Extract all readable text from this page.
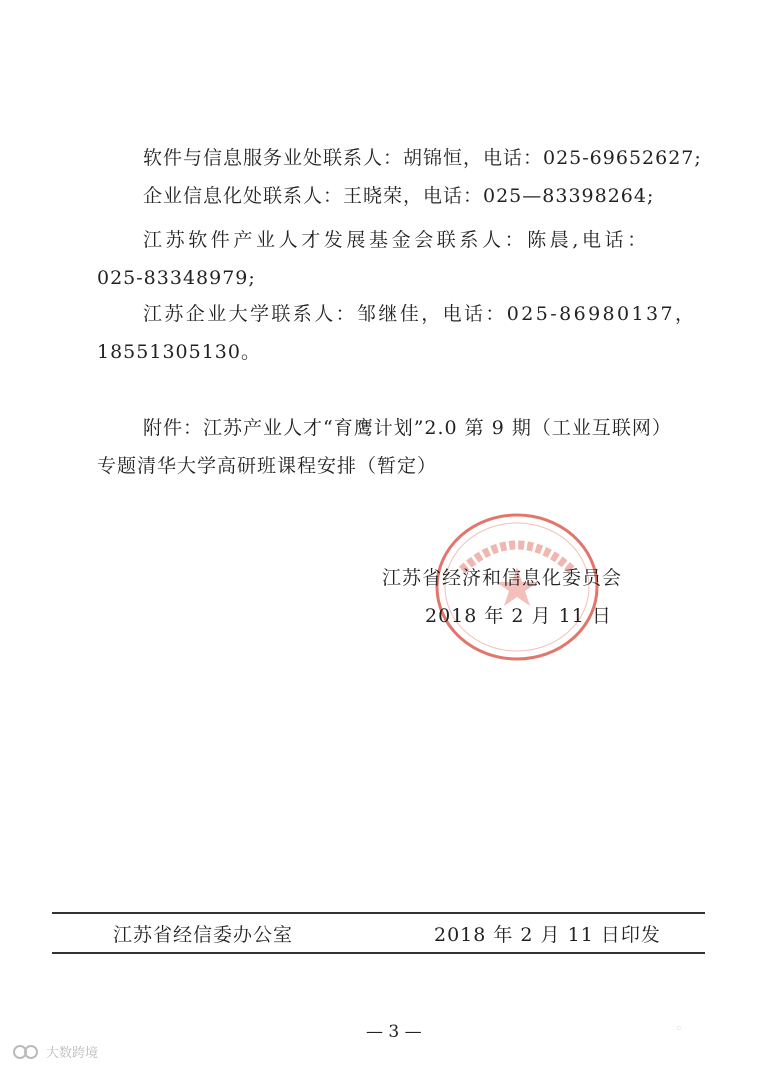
软件与信息服务业处联系人：胡锦恒，电话：025-69652627;
企业信息化处联系人：王晓荣，电话：025—83398264;
江苏软件产业人才发展基金会联系人：陈晨,电话：
025-83348979;
江苏企业大学联系人：邹继佳，电话：025-86980137，
18551305130。
附件：江苏产业人才“育鹰计划”2.0 第 9 期（工业互联网）
专题清华大学高研班课程安排（暂定）
江苏省经济和信息化委员会
2018 年 2 月 11 日
江苏省经信委办公室	2018 年 2 月 11 日印发
— 3 —	◦
大数跨境
